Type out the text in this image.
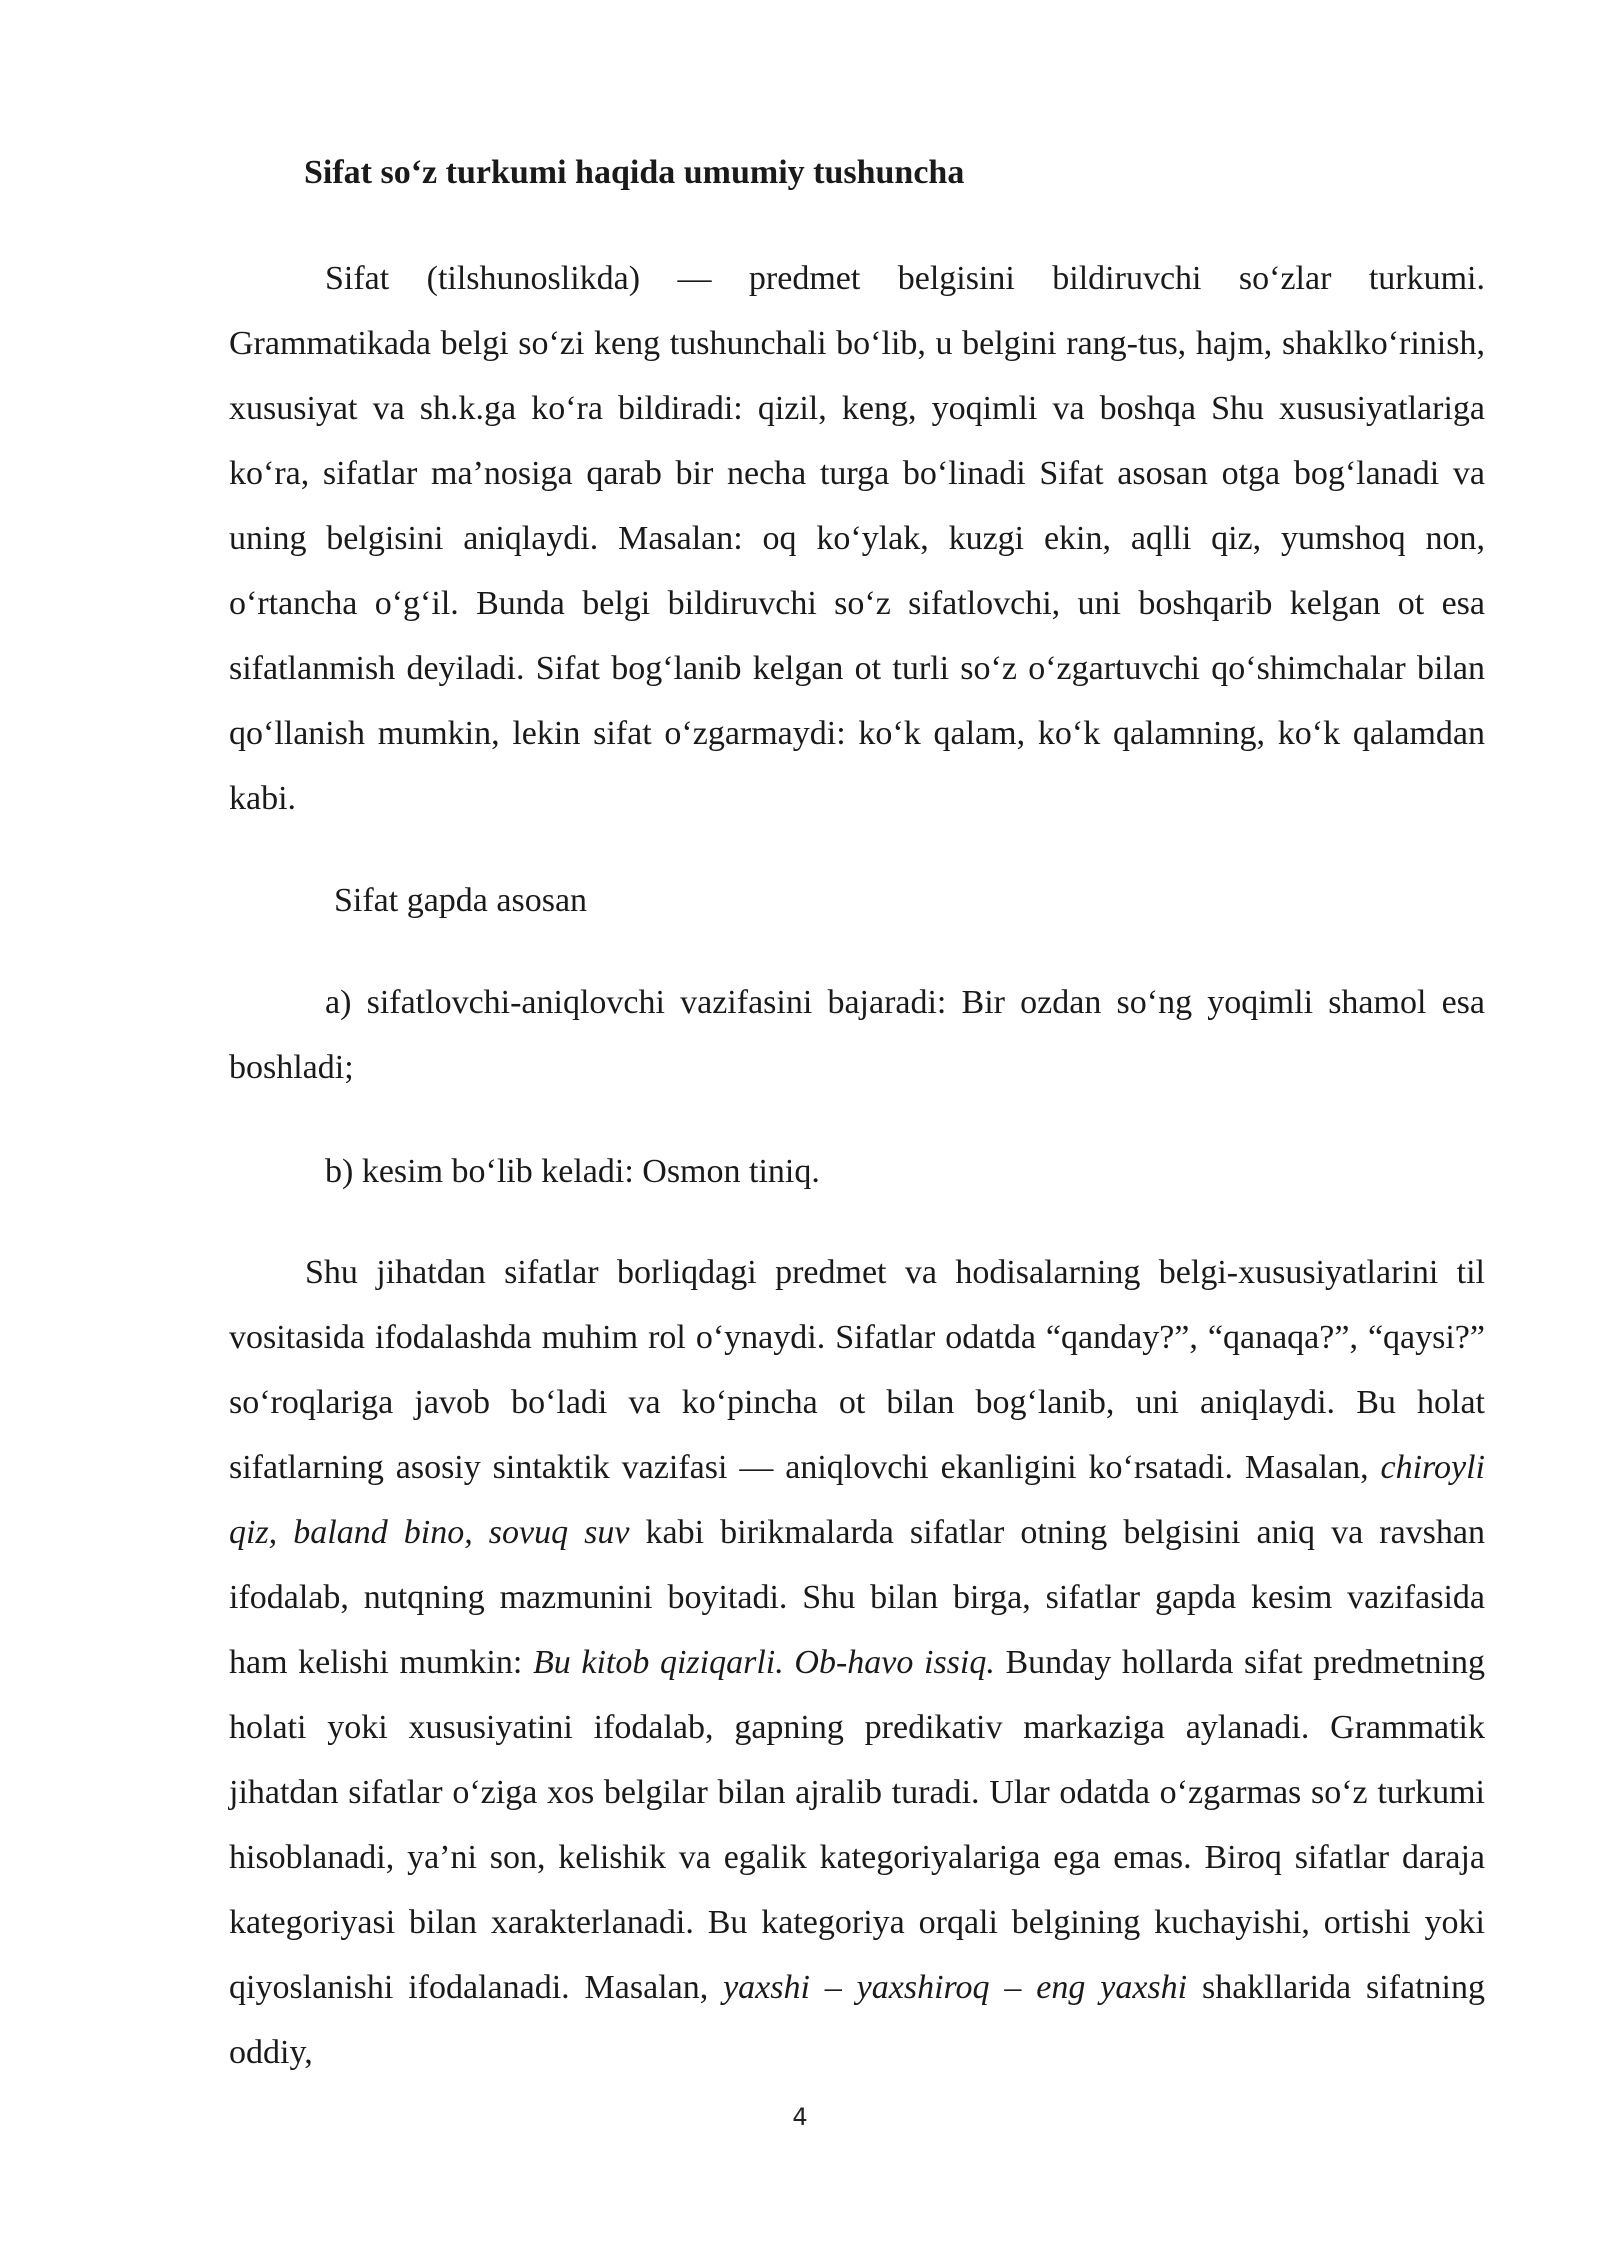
Sifat so‘z turkumi haqida umumiy tushuncha

Sifat (tilshunoslikda) — predmet belgisini bildiruvchi so‘zlar turkumi. Grammatikada belgi so‘zi keng tushunchali bo‘lib, u belgini rang-tus, hajm, shaklko‘rinish, xususiyat va sh.k.ga ko‘ra bildiradi: qizil, keng, yoqimli va boshqa Shu xususiyatlariga ko‘ra, sifatlar ma’nosiga qarab bir necha turga bo‘linadi Sifat asosan otga bog‘lanadi va uning belgisini aniqlaydi. Masalan: oq ko‘ylak, kuzgi ekin, aqlli qiz, yumshoq non, o‘rtancha o‘g‘il. Bunda belgi bildiruvchi so‘z sifatlovchi, uni boshqarib kelgan ot esa sifatlanmish deyiladi. Sifat bog‘lanib kelgan ot turli so‘z o‘zgartuvchi qo‘shimchalar bilan qo‘llanish mumkin, lekin sifat o‘zgarmaydi: ko‘k qalam, ko‘k qalamning, ko‘k qalamdan kabi.

Sifat gapda asosan

a) sifatlovchi-aniqlovchi vazifasini bajaradi: Bir ozdan so‘ng yoqimli shamol esa boshladi;

b) kesim bo‘lib keladi: Osmon tiniq.

Shu jihatdan sifatlar borliqdagi predmet va hodisalarning belgi-xususiyatlarini til vositasida ifodalashda muhim rol o‘ynaydi. Sifatlar odatda “qanday?”, “qanaqa?”, “qaysi?” so‘roqlariga javob bo‘ladi va ko‘pincha ot bilan bog‘lanib, uni aniqlaydi. Bu holat sifatlarning asosiy sintaktik vazifasi — aniqlovchi ekanligini ko‘rsatadi. Masalan, chiroyli qiz, baland bino, sovuq suv kabi birikmalarda sifatlar otning belgisini aniq va ravshan ifodalab, nutqning mazmunini boyitadi. Shu bilan birga, sifatlar gapda kesim vazifasida ham kelishi mumkin: Bu kitob qiziqarli. Ob-havo issiq. Bunday hollarda sifat predmetning holati yoki xususiyatini ifodalab, gapning predikativ markaziga aylanadi. Grammatik jihatdan sifatlar o‘ziga xos belgilar bilan ajralib turadi. Ular odatda o‘zgarmas so‘z turkumi hisoblanadi, ya’ni son, kelishik va egalik kategoriyalariga ega emas. Biroq sifatlar daraja kategoriyasi bilan xarakterlanadi. Bu kategoriya orqali belgining kuchayishi, ortishi yoki qiyoslanishi ifodalanadi. Masalan, yaxshi – yaxshiroq – eng yaxshi shakllarida sifatning oddiy,

4
